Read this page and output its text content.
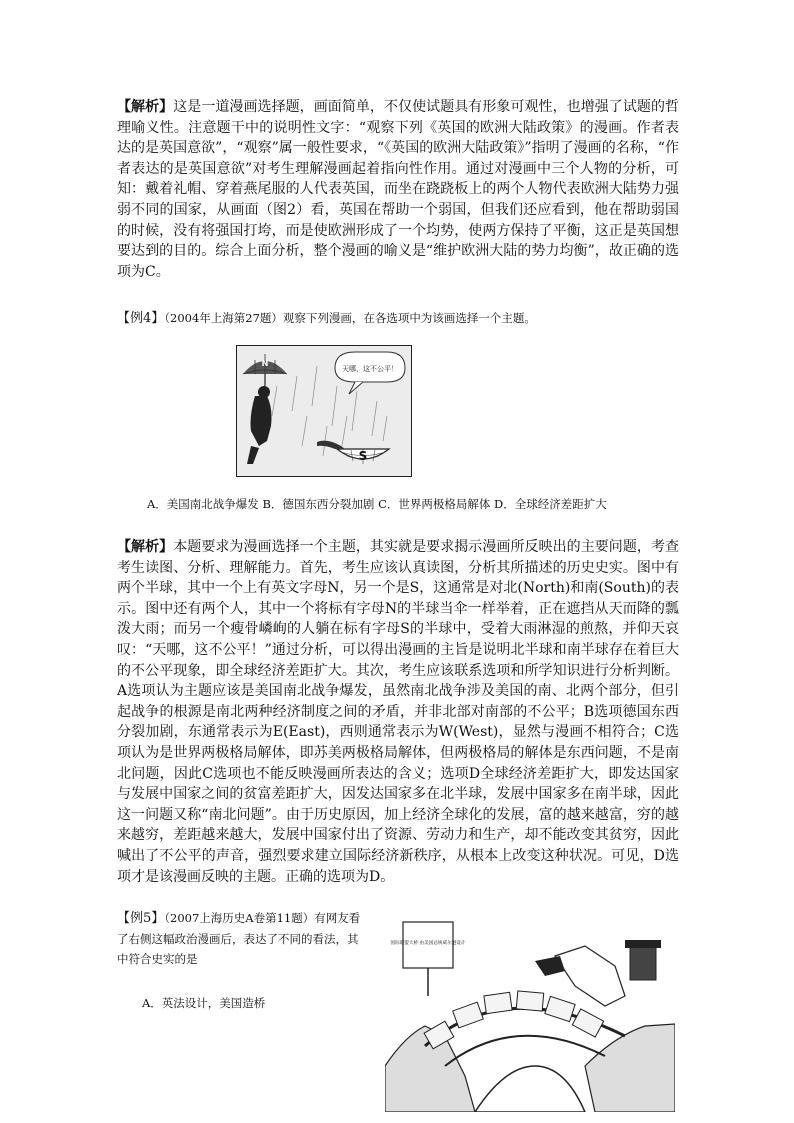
【解析】这是一道漫画选择题，画面简单，不仅使试题具有形象可观性，也增强了试题的哲理喻义性。注意题干中的说明性文字：“观察下列《英国的欧洲大陆政策》的漫画。作者表达的是英国意欲”，“观察”属一般性要求，“《英国的欧洲大陆政策》”指明了漫画的名称，“作者表达的是英国意欲”对考生理解漫画起着指向性作用。通过对漫画中三个人物的分析，可知：戴着礼帽、穿着燕尾服的人代表英国，而坐在跷跷板上的两个人物代表欧洲大陆势力强弱不同的国家，从画面（图2）看，英国在帮助一个弱国，但我们还应看到，他在帮助弱国的时候，没有将强国打垮，而是使欧洲形成了一个均势，使两方保持了平衡，这正是英国想要达到的目的。综合上面分析，整个漫画的喻义是“维护欧洲大陆的势力均衡”，故正确的选项为C。

【例4】（2004年上海第27题）观察下列漫画，在各选项中为该画选择一个主题。
天哪，这不公平！
S
N

A．美国南北战争爆发 B．德国东西分裂加剧 C．世界两极格局解体 D．全球经济差距扩大

【解析】本题要求为漫画选择一个主题，其实就是要求揭示漫画所反映出的主要问题，考查考生读图、分析、理解能力。首先，考生应该认真读图，分析其所描述的历史史实。图中有两个半球，其中一个上有英文字母N，另一个是S，这通常是对北(North)和南(South)的表示。图中还有两个人，其中一个将标有字母N的半球当伞一样举着，正在遮挡从天而降的瓢泼大雨；而另一个瘦骨嶙峋的人躺在标有字母S的半球中，受着大雨淋湿的煎熬，并仰天哀叹：“天哪，这不公平！”通过分析，可以得出漫画的主旨是说明北半球和南半球存在着巨大的不公平现象，即全球经济差距扩大。其次，考生应该联系选项和所学知识进行分析判断。A选项认为主题应该是美国南北战争爆发，虽然南北战争涉及美国的南、北两个部分，但引起战争的根源是南北两种经济制度之间的矛盾，并非北部对南部的不公平；B选项德国东西分裂加剧，东通常表示为E(East)，西则通常表示为W(West)，显然与漫画不相符合；C选项认为是世界两极格局解体，即苏美两极格局解体，但两极格局的解体是东西问题，不是南北问题，因此C选项也不能反映漫画所表达的含义；选项D全球经济差距扩大，即发达国家与发展中国家之间的贫富差距扩大，因发达国家多在北半球，发展中国家多在南半球，因此这一问题又称“南北问题”。由于历史原因，加上经济全球化的发展，富的越来越富，穷的越来越穷，差距越来越大，发展中国家付出了资源、劳动力和生产，却不能改变其贫穷，因此喊出了不公平的声音，强烈要求建立国际经济新秩序，从根本上改变这种状况。可见，D选项才是该漫画反映的主题。正确的选项为D。

【例5】（2007上海历史A卷第11题）有网友看了右侧这幅政治漫画后，表达了不同的看法，其中符合史实的是

A．英法设计，美国造桥
国际联盟大桥 由美国总统威尔逊设计
